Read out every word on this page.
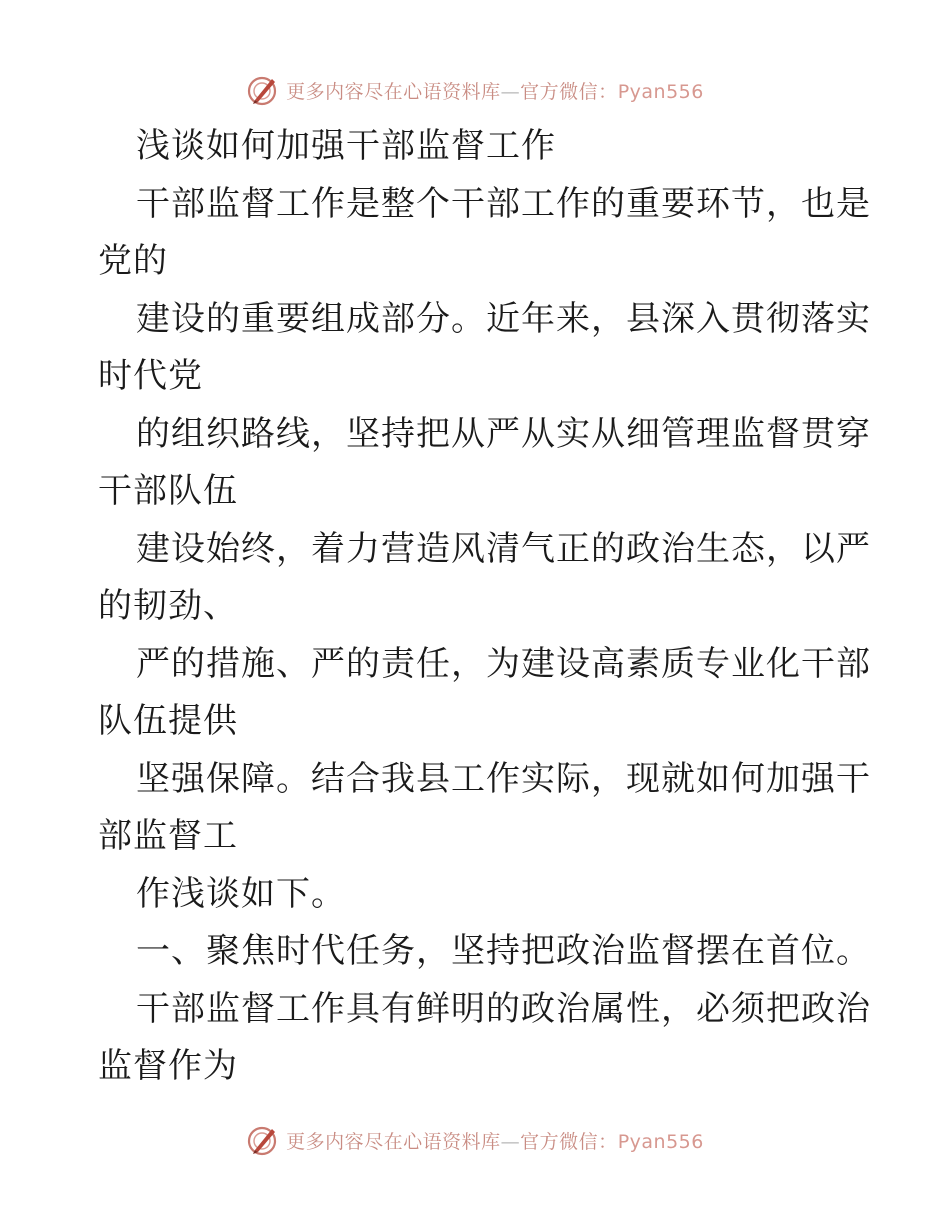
更多内容尽在心语资料库—官方微信：Pyan556
浅谈如何加强干部监督工作
干部监督工作是整个干部工作的重要环节，也是
党的
建设的重要组成部分。近年来，县深入贯彻落实
时代党
的组织路线，坚持把从严从实从细管理监督贯穿
干部队伍
建设始终，着力营造风清气正的政治生态，以严
的韧劲、
严的措施、严的责任，为建设高素质专业化干部
队伍提供
坚强保障。结合我县工作实际，现就如何加强干
部监督工
作浅谈如下。
一、聚焦时代任务，坚持把政治监督摆在首位。
干部监督工作具有鲜明的政治属性，必须把政治
监督作为
更多内容尽在心语资料库—官方微信：Pyan556
